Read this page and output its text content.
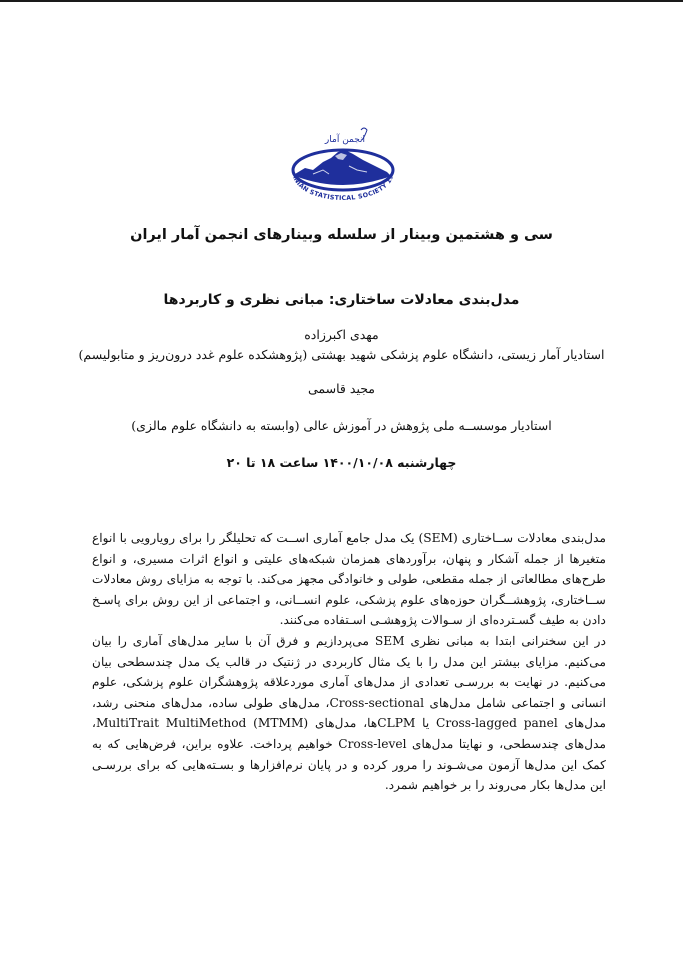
انجمن آمار
ANIAN STATISTICAL SOCIETY 19
سی و هشتمین وبینار از سلسله وبینارهای انجمن آمار ایران
مدل‌بندی معادلات ساختاری: مبانی نظری و کاربردها
مهدی اکبرزاده
استادیار آمار زیستی، دانشگاه علوم پزشکی شهید بهشتی (پژوهشکده علوم غدد درون‌ریز و متابولیسم)
مجید قاسمی
استادیار موسســه ملی پژوهش در آموزش عالی (وابسته به دانشگاه علوم مالزی)
چهارشنبه ۱۴۰۰/۱۰/۰۸ ساعت ۱۸ تا ۲۰

مدل‌بندی معادلات ســاختاری (SEM) یک مدل جامع آماری اســت که تحلیلگر را برای رویارویی با انواع متغیرها از جمله آشکار و پنهان، برآوردهای همزمان شبکه‌های علیتی و انواع اثرات مسیری، و انواع طرح‌های مطالعاتی از جمله مقطعی، طولی و خانوادگی مجهز می‌کند. با توجه به مزایای روش معادلات ســاختاری، پژوهشــگران حوزه‌های علوم پزشکی، علوم انســانی، و اجتماعی از این روش برای پاسـخ دادن به طیف گسـترده‌ای از سـوالات پژوهشـی اسـتفاده می‌کنند.

در این سخنرانی ابتدا به مبانی نظری SEM می‌پردازیم و فرق آن با سایر مدل‌های آماری را بیان می‌کنیم. مزایای بیشتر این مدل را با یک مثال کاربردی در ژنتیک در قالب یک مدل چندسطحی بیان می‌کنیم. در نهایت به بررسـی تعدادی از مدل‌های آماری موردعلاقه پژوهشگران علوم پزشکی، علوم انسانی و اجتماعی شامل مدل‌های Cross-sectional، مدل‌های طولی ساده، مدل‌های منحنی رشد، مدل‌های Cross-lagged panel یا CLPMها، مدل‌های MultiTrait MultiMethod (MTMM)، مدل‌های چندسطحی، و نهایتا مدل‌های Cross-level خواهیم پرداخت. علاوه براین، فرض‌هایی که به کمک این مدل‌ها آزمون می‌شـوند را مرور کرده و در پایان نرم‌افزارها و بسـته‌هایی که برای بررسـی این مدل‌ها بکار می‌روند را بر خواهیم شمرد.
